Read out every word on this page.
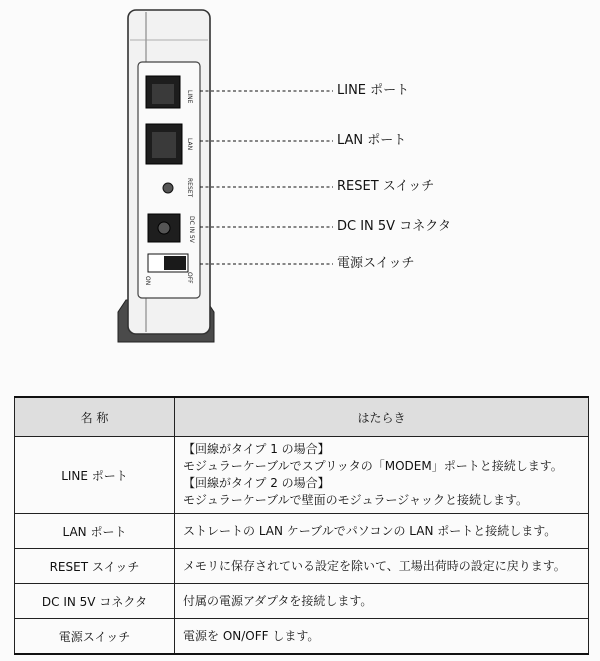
LINE
LAN
RESET
DC IN 5V
ON	OFF
LINE ポート
LAN ポート
RESET スイッチ
DC IN 5V コネクタ
電源スイッチ
名 称	はたらき
LINE ポート	【回線がタイプ 1 の場合】
モジュラーケーブルでスプリッタの「MODEM」ポートと接続します。
【回線がタイプ 2 の場合】
モジュラーケーブルで壁面のモジュラージャックと接続します。

LAN ポート	ストレートの LAN ケーブルでパソコンの LAN ポートと接続します。

RESET スイッチ	メモリに保存されている設定を除いて、工場出荷時の設定に戻ります。

DC IN 5V コネクタ	付属の電源アダプタを接続します。

電源スイッチ	電源を ON/OFF します。
